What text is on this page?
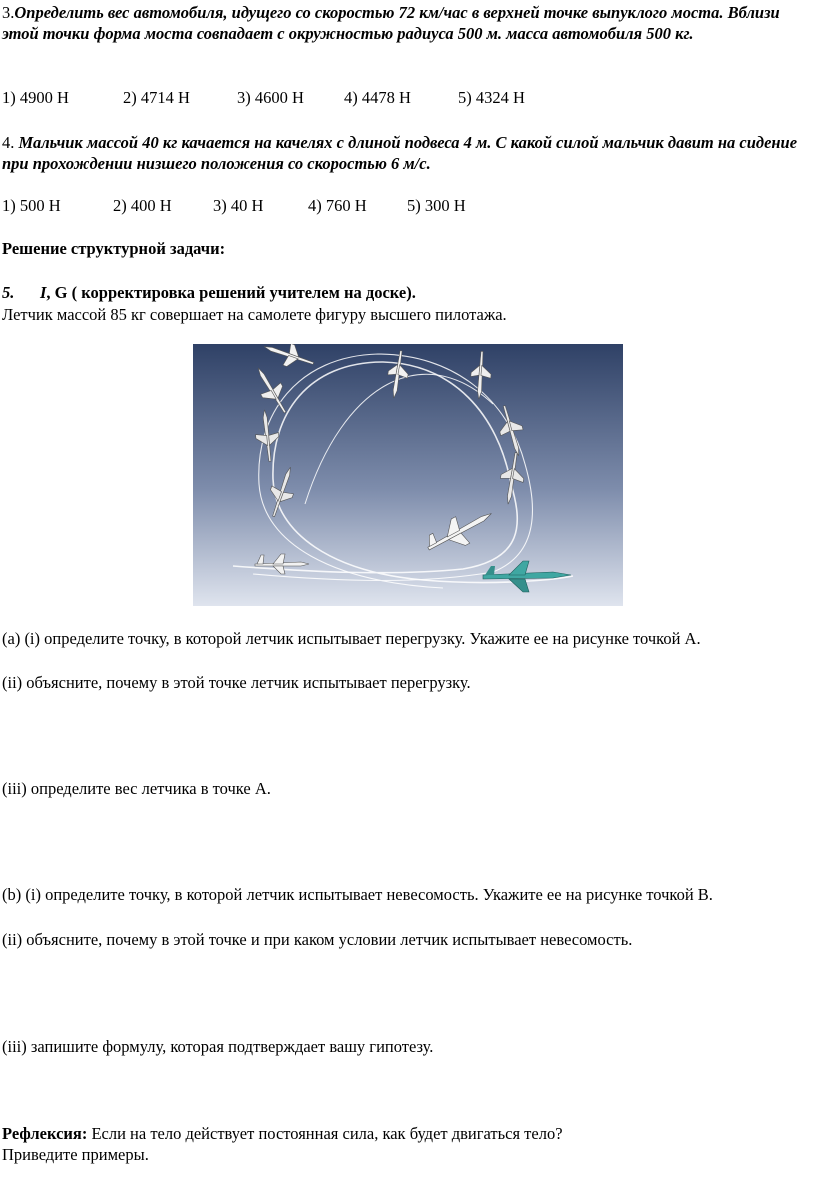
3.Определить вес автомобиля, идущего со скоростью 72 км/час в верхней точке выпуклого моста. Вблизи этой точки форма моста совпадает с окружностью радиуса 500 м. масса автомобиля 500 кг.

1) 4900 Н	2) 4714 Н	3) 4600 Н 4) 4478 Н	5) 4324 Н

4. Мальчик массой 40 кг качается на качелях с длиной подвеса 4 м. С какой силой мальчик давит на сидение при прохождении низшего положения со скоростью 6 м/с.

1) 500 Н	2) 400 Н	3) 40 Н	4) 760 Н 5) 300 Н

Решение структурной задачи:

5. I, G ( корректировка решений учителем на доске).

Летчик массой 85 кг совершает на самолете фигуру высшего пилотажа.

(a) (i) определите точку, в которой летчик испытывает перегрузку. Укажите ее на рисунке точкой А.

(ii) объясните, почему в этой точке летчик испытывает перегрузку.

(iii) определите вес летчика в точке А.

(b) (i) определите точку, в которой летчик испытывает невесомость. Укажите ее на рисунке точкой В.

(ii) объясните, почему в этой точке и при каком условии летчик испытывает невесомость.

(iii) запишите формулу, которая подтверждает вашу гипотезу.

Рефлексия: Если на тело действует постоянная сила, как будет двигаться тело?

Приведите примеры.
